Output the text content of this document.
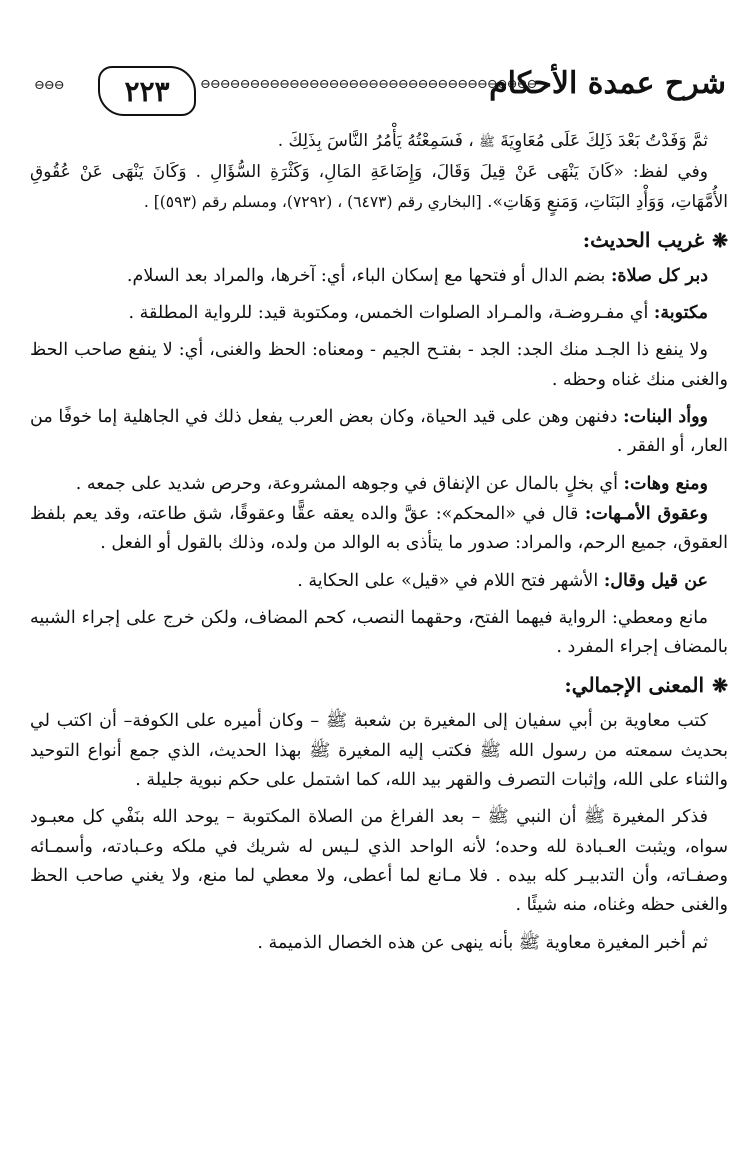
⊖⊖⊖	٢٢٣	⊖⊖⊖⊖⊖⊖⊖⊖⊖⊖⊖⊖⊖⊖⊖⊖⊖⊖⊖⊖⊖⊖⊖⊖⊖⊖⊖⊖⊖⊖⊖⊖⊖⊖
شرح عمدة الأحكام

ثمَّ وَفَدْتُ بَعْدَ ذَلِكَ عَلَى مُعَاوِيَةَ ﷺ ، فَسَمِعْتُهُ يَأْمُرُ النَّاسَ بِذَلِكَ .

وفي لفظ: «كَانَ يَنْهَى عَنْ قِيلَ وَقَالَ، وَإِضَاعَةِ المَالِ، وَكَثْرَةِ السُّؤَالِ . وَكَانَ يَنْهَى عَنْ عُقُوقِ الأُمَّهَاتِ، وَوَأْدِ البَنَاتِ، وَمَنعٍ وَهَاتِ». [البخاري رقم (٦٤٧٣) ، (٧٢٩٢)، ومسلم رقم (٥٩٣)] .

❋غريب الحديث:

دبر كل صلاة: بضم الدال أو فتحها مع إسكان الباء، أي: آخرها، والمراد بعد السلام.

مكتوبة: أي مفـروضـة، والمـراد الصلوات الخمس، ومكتوبة قيد: للرواية المطلقة .

ولا ينفع ذا الجـد منك الجد: الجد - بفتـح الجيم - ومعناه: الحظ والغنى، أي: لا ينفع صاحب الحظ والغنى منك غناه وحظه .

ووأد البنات: دفنهن وهن على قيد الحياة، وكان بعض العرب يفعل ذلك في الجاهلية إما خوفًا من العار، أو الفقر .

ومنع وهات: أي بخلٍ بالمال عن الإنفاق في وجوهه المشروعة، وحرص شديد على جمعه .

وعقوق الأمـهات: قال في «المحكم»: عقَّ والده يعقه عقًّا وعقوقًا، شق طاعته، وقد يعم بلفظ العقوق، جميع الرحم، والمراد: صدور ما يتأذى به الوالد من ولده، وذلك بالقول أو الفعل .

عن قيل وقال: الأشهر فتح اللام في «قيل» على الحكاية .

مانع ومعطي: الرواية فيهما الفتح، وحقهما النصب، كحم المضاف، ولكن خرج على إجراء الشبيه بالمضاف إجراء المفرد .

❋المعنى الإجمالي:

كتب معاوية بن أبي سفيان إلى المغيرة بن شعبة ﷺ – وكان أميره على الكوفة– أن اكتب لي بحديث سمعته من رسول الله ﷺ فكتب إليه المغيرة ﷺ بهذا الحديث، الذي جمع أنواع التوحيد والثناء على الله، وإثبات التصرف والقهر بيد الله، كما اشتمل على حكم نبوية جليلة .

فذكر المغيرة ﷺ أن النبي ﷺ – بعد الفراغ من الصلاة المكتوبة – يوحد الله بنَفْي كل معبـود سواه، ويثبت العـبادة لله وحده؛ لأنه الواحد الذي لـيس له شريك في ملكه وعـبادته، وأسمـائه وصفـاته، وأن التدبيـر كله بيده . فلا مـانع لما أعطى، ولا معطي لما منع، ولا يغني صاحب الحظ والغنى حظه وغناه، منه شيئًا .

ثم أخبر المغيرة معاوية ﷺ بأنه ينهى عن هذه الخصال الذميمة .
